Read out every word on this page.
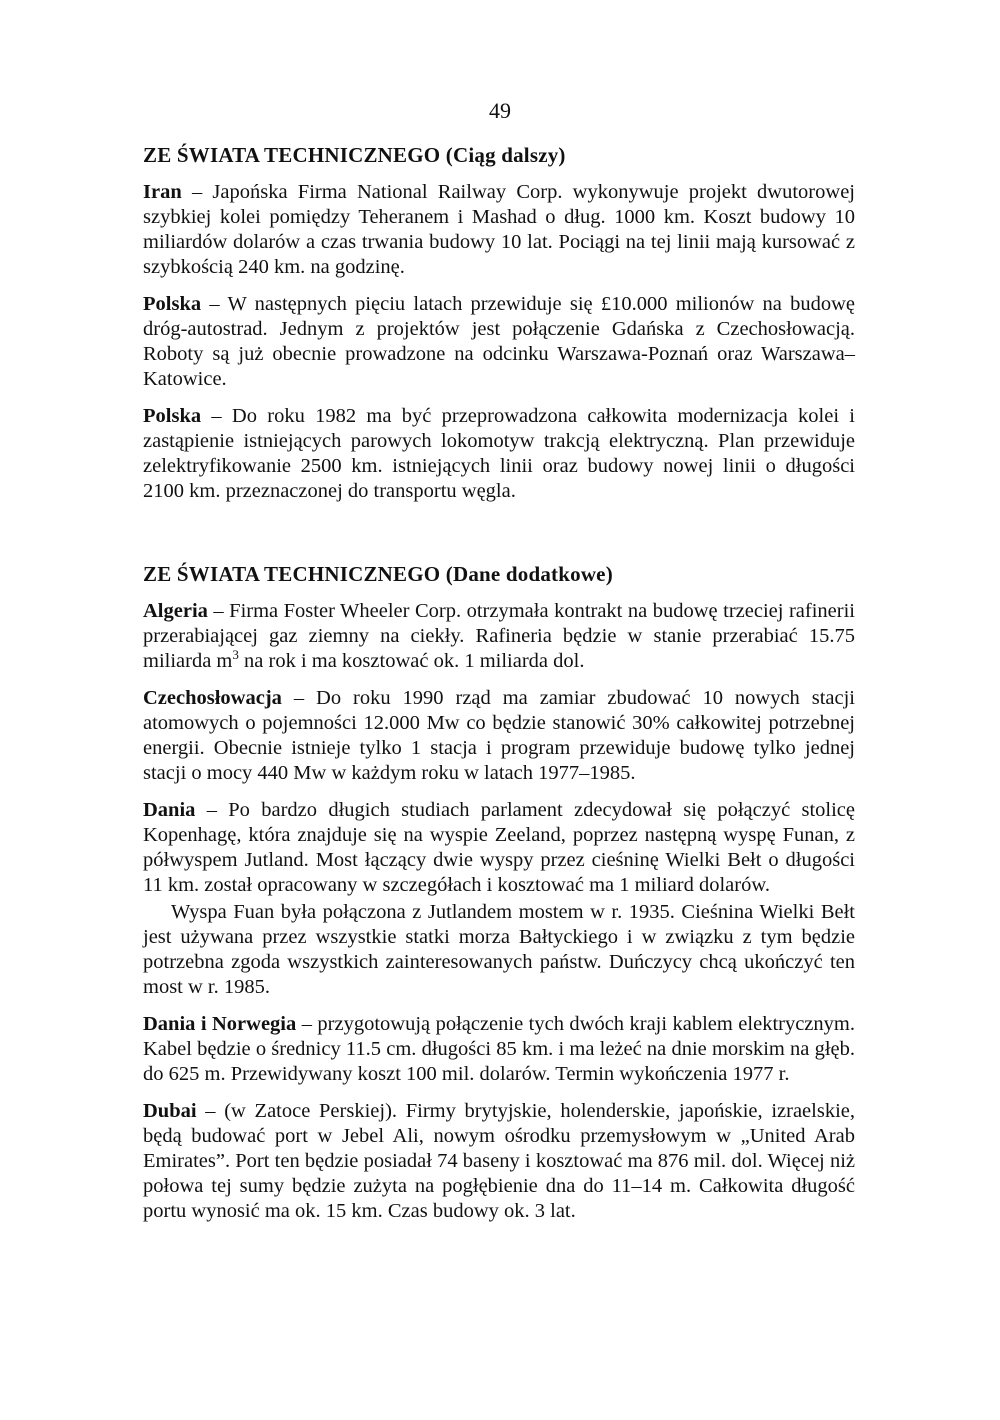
49
ZE ŚWIATA TECHNICZNEGO (Ciąg dalszy)

Iran – Japońska Firma National Railway Corp. wykonywuje projekt dwutorowej szybkiej kolei pomiędzy Teheranem i Mashad o dług. 1000 km. Koszt budowy 10 miliardów dolarów a czas trwania budowy 10 lat. Pociągi na tej linii mają kursować z szybkością 240 km. na godzinę.

Polska – W następnych pięciu latach przewiduje się £10.000 milionów na budowę dróg-autostrad. Jednym z projektów jest połączenie Gdańska z Czechosłowacją. Roboty są już obecnie prowadzone na odcinku Warszawa-Poznań oraz Warszawa–Katowice.

Polska – Do roku 1982 ma być przeprowadzona całkowita modernizacja kolei i zastąpienie istniejących parowych lokomotyw trakcją elektryczną. Plan przewiduje zelektryfikowanie 2500 km. istniejących linii oraz budowy nowej linii o długości 2100 km. przeznaczonej do transportu węgla.

ZE ŚWIATA TECHNICZNEGO (Dane dodatkowe)

Algeria – Firma Foster Wheeler Corp. otrzymała kontrakt na budowę trzeciej rafinerii przerabiającej gaz ziemny na ciekły. Rafineria będzie w stanie przerabiać 15.75 miliarda $m^3$ na rok i ma kosztować ok. 1 miliarda dol.

Czechosłowacja – Do roku 1990 rząd ma zamiar zbudować 10 nowych stacji atomowych o pojemności 12.000 Mw co będzie stanowić 30% całkowitej potrzebnej energii. Obecnie istnieje tylko 1 stacja i program przewiduje budowę tylko jednej stacji o mocy 440 Mw w każdym roku w latach 1977–1985.

Dania – Po bardzo długich studiach parlament zdecydował się połączyć stolicę Kopenhagę, która znajduje się na wyspie Zeeland, poprzez następną wyspę Funan, z półwyspem Jutland. Most łączący dwie wyspy przez cieśninę Wielki Bełt o długości 11 km. został opracowany w szczegółach i kosztować ma 1 miliard dolarów.

Wyspa Fuan była połączona z Jutlandem mostem w r. 1935. Cieśnina Wielki Bełt jest używana przez wszystkie statki morza Bałtyckiego i w związku z tym będzie potrzebna zgoda wszystkich zainteresowanych państw. Duńczycy chcą ukończyć ten most w r. 1985.

Dania i Norwegia – przygotowują połączenie tych dwóch kraji kablem elektrycznym. Kabel będzie o średnicy 11.5 cm. długości 85 km. i ma leżeć na dnie morskim na głęb. do 625 m. Przewidywany koszt 100 mil. dolarów. Termin wykończenia 1977 r.

Dubai – (w Zatoce Perskiej). Firmy brytyjskie, holenderskie, japońskie, izraelskie, będą budować port w Jebel Ali, nowym ośrodku przemysłowym w „United Arab Emirates”. Port ten będzie posiadał 74 baseny i kosztować ma 876 mil. dol. Więcej niż połowa tej sumy będzie zużyta na pogłębienie dna do 11–14 m. Całkowita długość portu wynosić ma ok. 15 km. Czas budowy ok. 3 lat.
